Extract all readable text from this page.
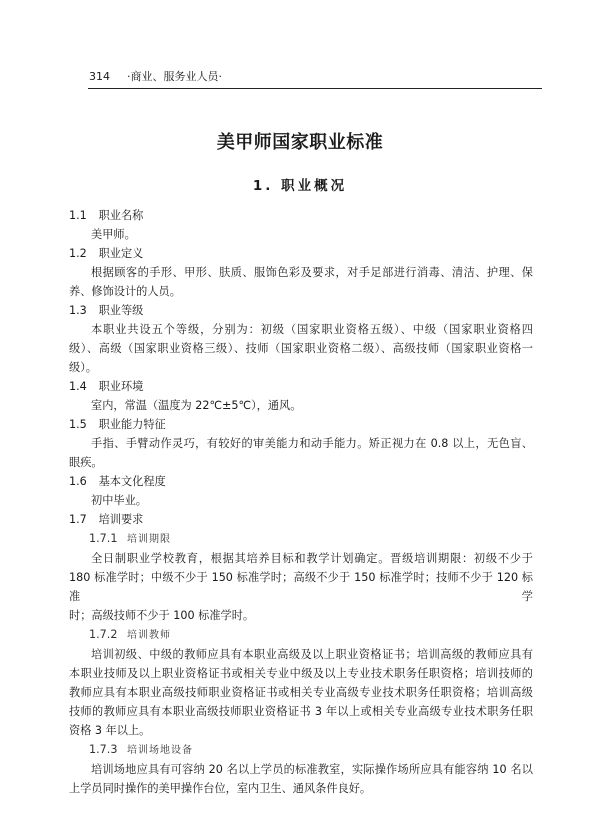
314 ·商业、服务业人员·
美甲师国家职业标准
1. 职业概况
1.1 职业名称
美甲师。
1.2 职业定义
根据顾客的手形、甲形、肤质、服饰色彩及要求，对手足部进行消毒、清洁、护理、保
养、修饰设计的人员。
1.3 职业等级
本职业共设五个等级，分别为：初级（国家职业资格五级）、中级（国家职业资格四
级）、高级（国家职业资格三级）、技师（国家职业资格二级）、高级技师（国家职业资格一
级）。
1.4 职业环境
室内，常温（温度为 22℃±5℃），通风。
1.5 职业能力特征
手指、手臂动作灵巧，有较好的审美能力和动手能力。矫正视力在 0.8 以上，无色盲、
眼疾。
1.6 基本文化程度
初中毕业。
1.7 培训要求
1.7.1 培训期限
全日制职业学校教育，根据其培养目标和教学计划确定。晋级培训期限：初级不少于
180 标准学时；中级不少于 150 标准学时；高级不少于 150 标准学时；技师不少于 120 标准学
时；高级技师不少于 100 标准学时。
1.7.2 培训教师
培训初级、中级的教师应具有本职业高级及以上职业资格证书；培训高级的教师应具有
本职业技师及以上职业资格证书或相关专业中级及以上专业技术职务任职资格；培训技师的
教师应具有本职业高级技师职业资格证书或相关专业高级专业技术职务任职资格；培训高级
技师的教师应具有本职业高级技师职业资格证书 3 年以上或相关专业高级专业技术职务任职
资格 3 年以上。
1.7.3 培训场地设备
培训场地应具有可容纳 20 名以上学员的标准教室，实际操作场所应具有能容纳 10 名以
上学员同时操作的美甲操作台位，室内卫生、通风条件良好。
